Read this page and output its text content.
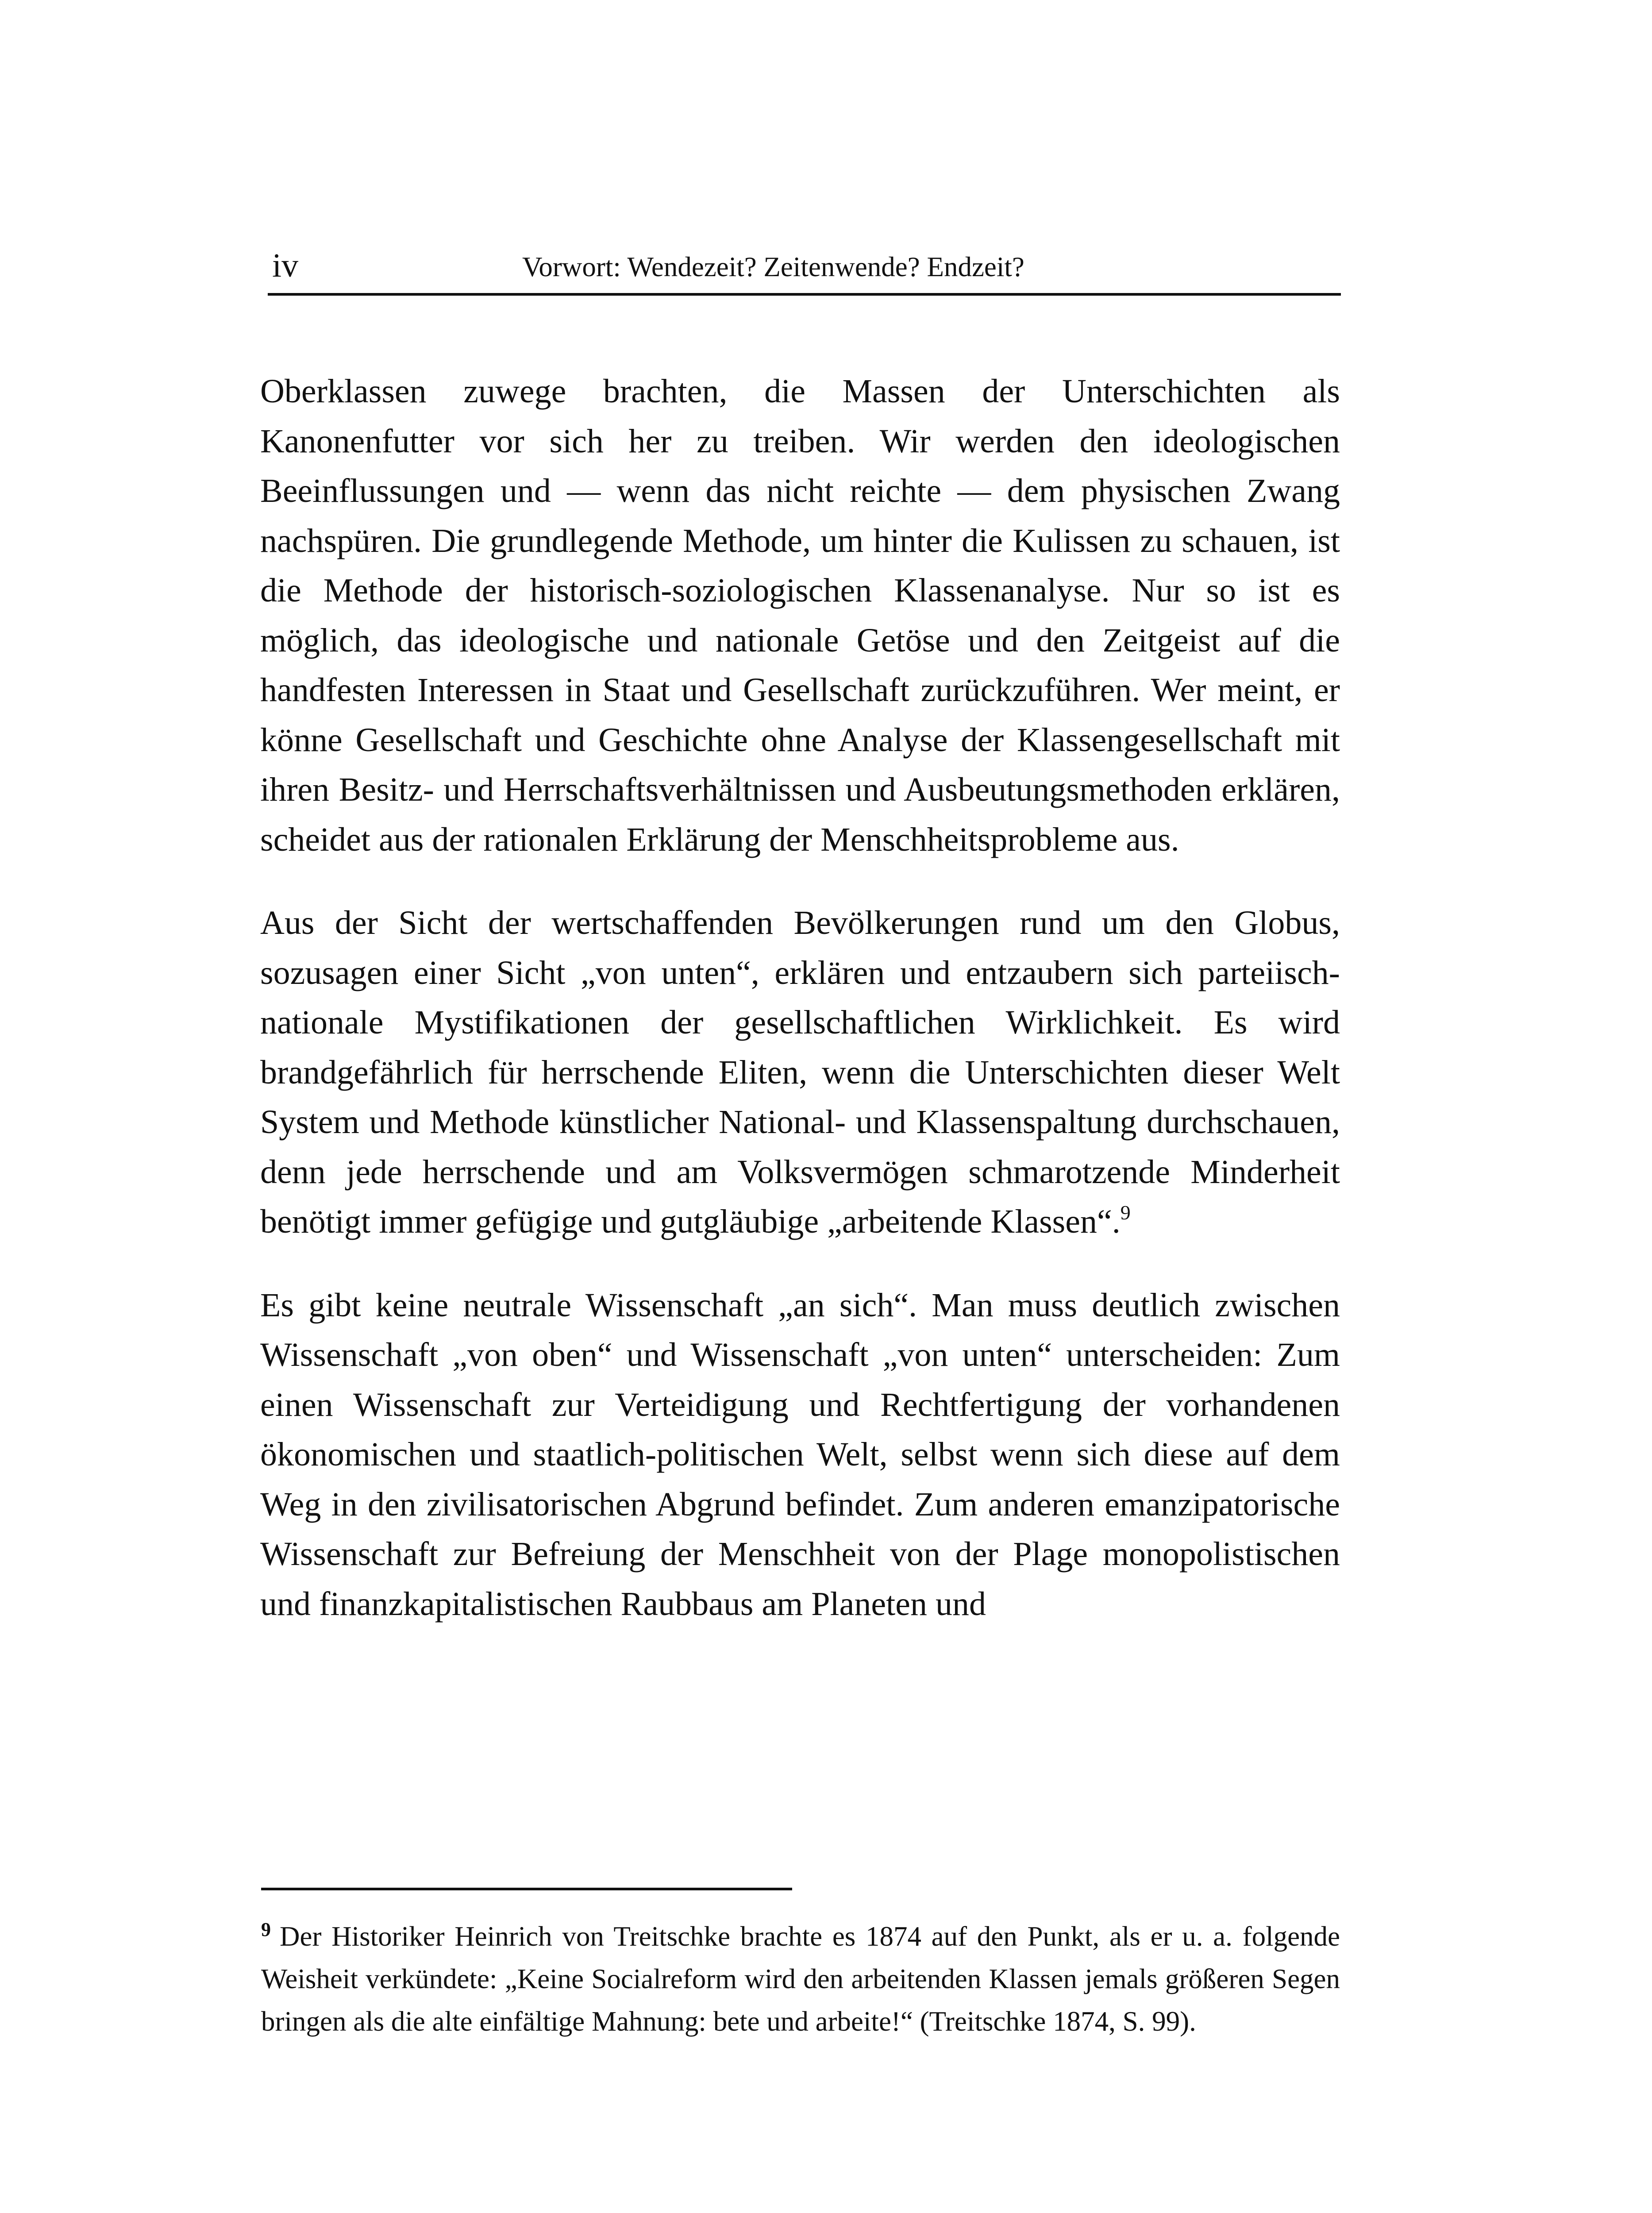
iv	Vorwort: Wendezeit? Zeitenwende? Endzeit?

Oberklassen zuwege brachten, die Massen der Unterschichten als Kanonenfutter vor sich her zu treiben. Wir werden den ideologischen Beeinflussungen und — wenn das nicht reichte — dem physischen Zwang nachspüren. Die grundlegende Methode, um hinter die Kulissen zu schauen, ist die Methode der historisch-soziologischen Klassenanalyse. Nur so ist es möglich, das ideologische und nationale Getöse und den Zeitgeist auf die handfesten Interessen in Staat und Gesellschaft zurückzuführen. Wer meint, er könne Gesellschaft und Geschichte ohne Analyse der Klassengesellschaft mit ihren Besitz- und Herrschaftsverhältnissen und Ausbeutungsmethoden erklären, scheidet aus der rationalen Erklärung der Menschheitsprobleme aus.

Aus der Sicht der wertschaffenden Bevölkerungen rund um den Globus, sozusagen einer Sicht „von unten“, erklären und entzaubern sich parteiisch-nationale Mystifikationen der gesellschaftlichen Wirklichkeit. Es wird brandgefährlich für herrschende Eliten, wenn die Unterschichten dieser Welt System und Methode künstlicher National- und Klassenspaltung durchschauen, denn jede herrschende und am Volksvermögen schmarotzende Minderheit benötigt immer gefügige und gutgläubige „arbeitende Klassen“.$^9$

Es gibt keine neutrale Wissenschaft „an sich“. Man muss deutlich zwischen Wissenschaft „von oben“ und Wissenschaft „von unten“ unterscheiden: Zum einen Wissenschaft zur Verteidigung und Rechtfertigung der vorhandenen ökonomischen und staatlich-politischen Welt, selbst wenn sich diese auf dem Weg in den zivilisatorischen Abgrund befindet. Zum anderen emanzipatorische Wissenschaft zur Befreiung der Menschheit von der Plage monopolistischen und finanzkapitalistischen Raubbaus am Planeten und

9 Der Historiker Heinrich von Treitschke brachte es 1874 auf den Punkt, als er u. a. folgende Weisheit verkündete: „Keine Socialreform wird den arbeitenden Klassen jemals größeren Segen bringen als die alte einfältige Mahnung: bete und arbeite!“ (Treitschke 1874, S. 99).
